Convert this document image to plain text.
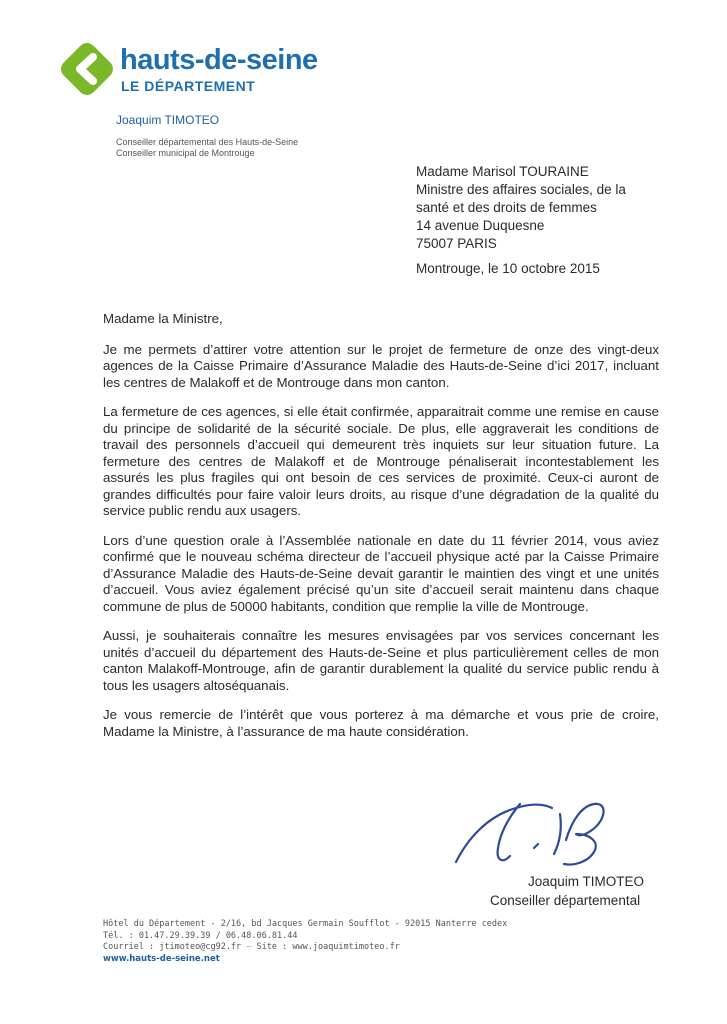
hauts-de-seine
LE DÉPARTEMENT
Joaquim TIMOTEO
Conseiller départemental des Hauts-de-Seine
Conseiller municipal de Montrouge
Madame Marisol TOURAINE
Ministre des affaires sociales, de la
santé et des droits de femmes
14 avenue Duquesne
75007 PARIS
Montrouge, le 10 octobre 2015

Madame la Ministre,

Je me permets d’attirer votre attention sur le projet de fermeture de onze des vingt-deux agences de la Caisse Primaire d’Assurance Maladie des Hauts-de-Seine d’ici 2017, incluant les centres de Malakoff et de Montrouge dans mon canton.

La fermeture de ces agences, si elle était confirmée, apparaitrait comme une remise en cause du principe de solidarité de la sécurité sociale. De plus, elle aggraverait les conditions de travail des personnels d’accueil qui demeurent très inquiets sur leur situation future. La fermeture des centres de Malakoff et de Montrouge pénaliserait incontestablement les assurés les plus fragiles qui ont besoin de ces services de proximité. Ceux-ci auront de grandes difficultés pour faire valoir leurs droits, au risque d’une dégradation de la qualité du service public rendu aux usagers.

Lors d’une question orale à l’Assemblée nationale en date du 11 février 2014, vous aviez confirmé que le nouveau schéma directeur de l’accueil physique acté par la Caisse Primaire d’Assurance Maladie des Hauts-de-Seine devait garantir le maintien des vingt et une unités d’accueil. Vous aviez également précisé qu’un site d’accueil serait maintenu dans chaque commune de plus de 50000 habitants, condition que remplie la ville de Montrouge.

Aussi, je souhaiterais connaître les mesures envisagées par vos services concernant les unités d’accueil du département des Hauts-de-Seine et plus particulièrement celles de mon canton Malakoff-Montrouge, afin de garantir durablement la qualité du service public rendu à tous les usagers altoséquanais.

Je vous remercie de l’intérêt que vous porterez à ma démarche et vous prie de croire, Madame la Ministre, à l’assurance de ma haute considération.

Joaquim TIMOTEO
Conseiller départemental
Hôtel du Département - 2/16, bd Jacques Germain Soufflot - 92015 Nanterre cedex
Tél. : 01.47.29.39.39 / 06.48.06.81.44
Courriel : jtimoteo@cg92.fr – Site : www.joaquimtimoteo.fr
www.hauts-de-seine.net
